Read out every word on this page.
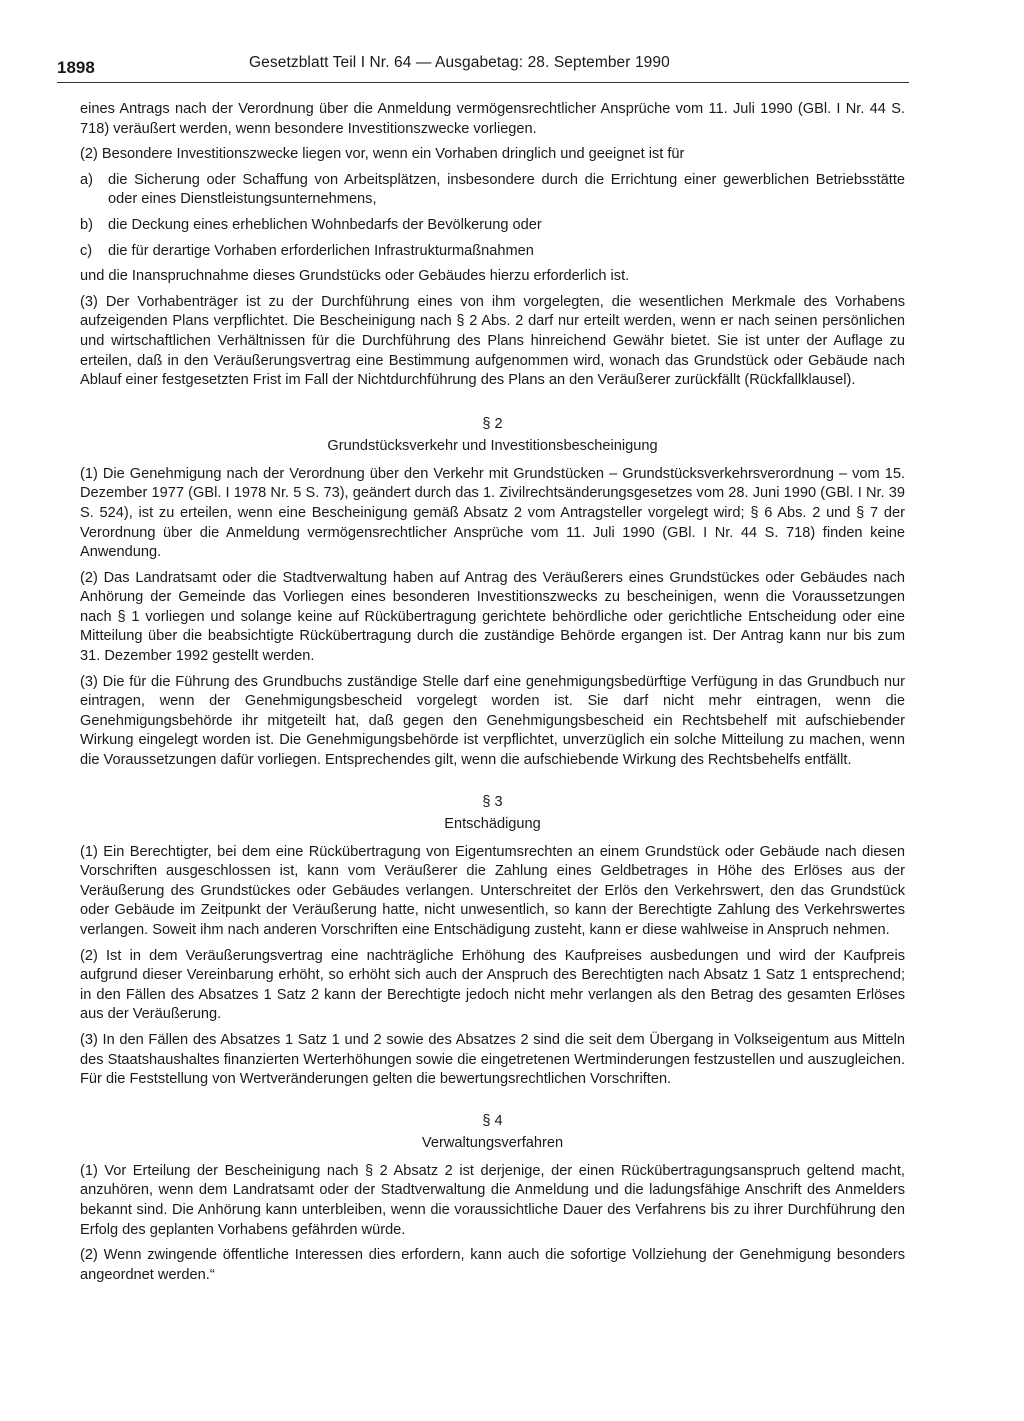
1898	Gesetzblatt Teil I Nr. 64 — Ausgabetag: 28. September 1990

eines Antrags nach der Verordnung über die Anmeldung vermögensrechtlicher Ansprüche vom 11. Juli 1990 (GBl. I Nr. 44 S. 718) veräußert werden, wenn besondere Investitionszwecke vorliegen.

(2) Besondere Investitionszwecke liegen vor, wenn ein Vorhaben dringlich und geeignet ist für

a) die Sicherung oder Schaffung von Arbeitsplätzen, insbesondere durch die Errichtung einer gewerblichen Betriebsstätte oder eines Dienstleistungsunternehmens,
b) die Deckung eines erheblichen Wohnbedarfs der Bevölkerung oder
c) die für derartige Vorhaben erforderlichen Infrastrukturmaßnahmen

und die Inanspruchnahme dieses Grundstücks oder Gebäudes hierzu erforderlich ist.

(3) Der Vorhabenträger ist zu der Durchführung eines von ihm vorgelegten, die wesentlichen Merkmale des Vorhabens aufzeigenden Plans verpflichtet. Die Bescheinigung nach § 2 Abs. 2 darf nur erteilt werden, wenn er nach seinen persönlichen und wirtschaftlichen Verhältnissen für die Durchführung des Plans hinreichend Gewähr bietet. Sie ist unter der Auflage zu erteilen, daß in den Veräußerungsvertrag eine Bestimmung aufgenommen wird, wonach das Grundstück oder Gebäude nach Ablauf einer festgesetzten Frist im Fall der Nichtdurchführung des Plans an den Veräußerer zurückfällt (Rückfallklausel).

§ 2
Grundstücksverkehr und Investitionsbescheinigung

(1) Die Genehmigung nach der Verordnung über den Verkehr mit Grundstücken – Grundstücksverkehrsverordnung – vom 15. Dezember 1977 (GBl. I 1978 Nr. 5 S. 73), geändert durch das 1. Zivilrechtsänderungsgesetzes vom 28. Juni 1990 (GBl. I Nr. 39 S. 524), ist zu erteilen, wenn eine Bescheinigung gemäß Absatz 2 vom Antragsteller vorgelegt wird; § 6 Abs. 2 und § 7 der Verordnung über die Anmeldung vermögensrechtlicher Ansprüche vom 11. Juli 1990 (GBl. I Nr. 44 S. 718) finden keine Anwendung.

(2) Das Landratsamt oder die Stadtverwaltung haben auf Antrag des Veräußerers eines Grundstückes oder Gebäudes nach Anhörung der Gemeinde das Vorliegen eines besonderen Investitionszwecks zu bescheinigen, wenn die Voraussetzungen nach § 1 vorliegen und solange keine auf Rückübertragung gerichtete behördliche oder gerichtliche Entscheidung oder eine Mitteilung über die beabsichtigte Rückübertragung durch die zuständige Behörde ergangen ist. Der Antrag kann nur bis zum 31. Dezember 1992 gestellt werden.

(3) Die für die Führung des Grundbuchs zuständige Stelle darf eine genehmigungsbedürftige Verfügung in das Grundbuch nur eintragen, wenn der Genehmigungsbescheid vorgelegt worden ist. Sie darf nicht mehr eintragen, wenn die Genehmigungsbehörde ihr mitgeteilt hat, daß gegen den Genehmigungsbescheid ein Rechtsbehelf mit aufschiebender Wirkung eingelegt worden ist. Die Genehmigungsbehörde ist verpflichtet, unverzüglich ein solche Mitteilung zu machen, wenn die Voraussetzungen dafür vorliegen. Entsprechendes gilt, wenn die aufschiebende Wirkung des Rechtsbehelfs entfällt.

§ 3
Entschädigung

(1) Ein Berechtigter, bei dem eine Rückübertragung von Eigentumsrechten an einem Grundstück oder Gebäude nach diesen Vorschriften ausgeschlossen ist, kann vom Veräußerer die Zahlung eines Geldbetrages in Höhe des Erlöses aus der Veräußerung des Grundstückes oder Gebäudes verlangen. Unterschreitet der Erlös den Verkehrswert, den das Grundstück oder Gebäude im Zeitpunkt der Veräußerung hatte, nicht unwesentlich, so kann der Berechtigte Zahlung des Verkehrswertes verlangen. Soweit ihm nach anderen Vorschriften eine Entschädigung zusteht, kann er diese wahlweise in Anspruch nehmen.

(2) Ist in dem Veräußerungsvertrag eine nachträgliche Erhöhung des Kaufpreises ausbedungen und wird der Kaufpreis aufgrund dieser Vereinbarung erhöht, so erhöht sich auch der Anspruch des Berechtigten nach Absatz 1 Satz 1 entsprechend; in den Fällen des Absatzes 1 Satz 2 kann der Berechtigte jedoch nicht mehr verlangen als den Betrag des gesamten Erlöses aus der Veräußerung.

(3) In den Fällen des Absatzes 1 Satz 1 und 2 sowie des Absatzes 2 sind die seit dem Übergang in Volkseigentum aus Mitteln des Staatshaushaltes finanzierten Werterhöhungen sowie die eingetretenen Wertminderungen festzustellen und auszugleichen. Für die Feststellung von Wertveränderungen gelten die bewertungsrechtlichen Vorschriften.

§ 4
Verwaltungsverfahren

(1) Vor Erteilung der Bescheinigung nach § 2 Absatz 2 ist derjenige, der einen Rückübertragungsanspruch geltend macht, anzuhören, wenn dem Landratsamt oder der Stadtverwaltung die Anmeldung und die ladungsfähige Anschrift des Anmelders bekannt sind. Die Anhörung kann unterbleiben, wenn die voraussichtliche Dauer des Verfahrens bis zu ihrer Durchführung den Erfolg des geplanten Vorhabens gefährden würde.

(2) Wenn zwingende öffentliche Interessen dies erfordern, kann auch die sofortige Vollziehung der Genehmigung besonders angeordnet werden.“
